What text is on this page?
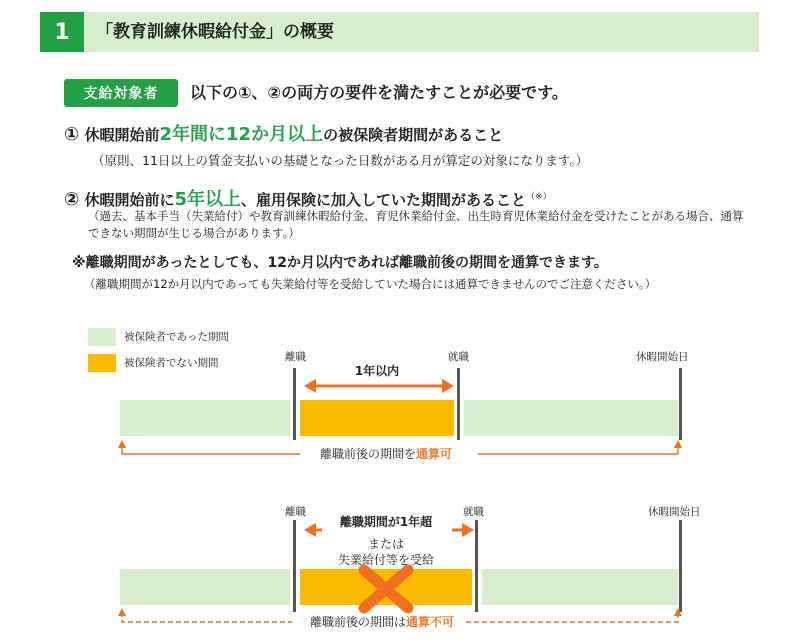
1	「教育訓練休暇給付金」の概要
支給対象者	以下の①、②の両方の要件を満たすことが必要です。
① 休暇開始前2年間に12か月以上の被保険者期間があること
（原則、11日以上の賃金支払いの基礎となった日数がある月が算定の対象になります。）
② 休暇開始前に5年以上、雇用保険に加入していた期間があること（※）
（過去、基本手当（失業給付）や教育訓練休暇給付金、育児休業給付金、出生時育児休業給付金を受けたことがある場合、通算できない期間が生じる場合があります。）
※離職期間があったとしても、12か月以内であれば離職前後の期間を通算できます。
（離職期間が12か月以内であっても失業給付等を受給していた場合には通算できませんのでご注意ください。）
被保険者であった期間
被保険者でない期間	離職	就職	休暇開始日
1年以内
離職前後の期間を通算可
離職	就職	休暇開始日
離職期間が1年超
または
失業給付等を受給
離職前後の期間は通算不可
